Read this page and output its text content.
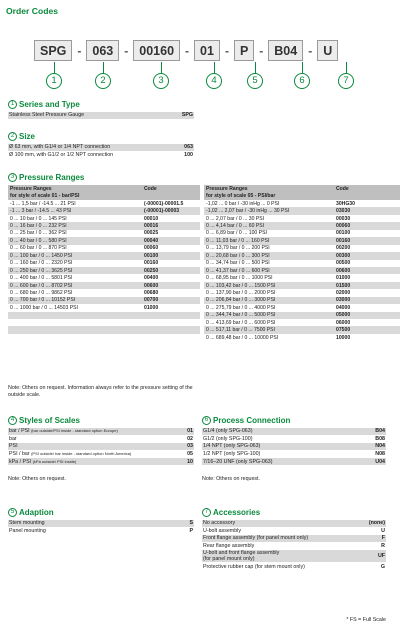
Order Codes
SPG - 063 - 00160 - 01 - P - B04 - U
1	2	3	4	5	6	7
1 Series and Type
Stainless Steel Pressure Gauge	SPG
2 Size
Ø 63 mm, with G1/4 or 1/4 NPT connection	063
Ø 100 mm, with G1/2 or 1/2 NPT connection	100
3 Pressure Ranges
Pressure Ranges	Code		Pressure Ranges	Code
for style of scale 01 - bar/PSI			for style of scale 05 - PSI/bar	
-1 ... 1,5 bar / -14.5 ... 21 PSI	(-00001)-00001.5		-1,02 ... 0 bar / -30 inHg ... 0 PSI	30HG30
-1 ... 3 bar / -14.5 ... 43 PSI	(-00001)-00003		-1,02 ... 2,07 bar / -30 inHg ... 30 PSI	03030
0 ... 10 bar / 0 ... 145 PSI	00010		0 ... 2,07 bar / 0 ... 30 PSI	00030
0 ... 16 bar / 0 ... 232 PSI	00016		0 ... 4,14 bar / 0 ... 60 PSI	00060
0 ... 25 bar / 0 ... 362 PSI	00025		0 ... 6,89 bar / 0 ... 100 PSI	00100
0 ... 40 bar / 0 ... 580 PSI	00040		0 ... 11,03 bar / 0 ... 160 PSI	00160
0 ... 60 bar / 0 ... 870 PSI	00060		0 ... 13,79 bar / 0 ... 200 PSI	00200
0 ... 100 bar / 0 ... 1450 PSI	00100		0 ... 20,68 bar / 0 ... 300 PSI	00300
0 ... 160 bar / 0 ... 2320 PSI	00160		0 ... 34,74 bar / 0 ... 500 PSI	00500
0 ... 250 bar / 0 ... 3625 PSI	00250		0 ... 41,37 bar / 0 ... 600 PSI	00600
0 ... 400 bar / 0 ... 5801 PSI	00400		0 ... 68,95 bar / 0 ... 1000 PSI	01000
0 ... 600 bar / 0 ... 8702 PSI	00600		0 ... 103,42 bar / 0 ... 1500 PSI	01500
0 ... 680 bar / 0 ... 9862 PSI	00680		0 ... 137,90 bar / 0 ... 2000 PSI	02000
0 ... 700 bar / 0 ... 10152 PSI	00700		0 ... 206,84 bar / 0 ... 3000 PSI	03000
0 ... 1000 bar / 0 ... 14503 PSI	01000		0 ... 275,79 bar / 0 ... 4000 PSI	04000
			0 ... 344,74 bar / 0 ... 5000 PSI	05000
			0 ... 413,69 bar / 0 ... 6000 PSI	06000
			0 ... 517,11 bar / 0 ... 7500 PSI	07500
			0 ... 689,48 bar / 0 ... 10000 PSI	10000
Note: Others on request. Information always refer to the pressure setting of the outside scale.
4 Styles of Scales
bar / PSI (bar outside/PSI inside - standard option Europe)	01
bar	02
PSI	03
PSI / bar (PSI outside/ bar inside - standard option North America)	05
kPa / PSI (kPa outside/ PSI inside)	10
Note: Others on request.
5 Adaption
Stem mounting	S
Panel mounting	P
6 Process Connection
G1/4 (only SPG-063)	B04
G1/2 (only SPG-100)	B08
1/4 NPT (only SPG-063)	N04
1/2 NPT (only SPG-100)	N08
7/16–20 UNF (only SPG-063)	U04
Note: Others on request.
7 Accessories
No accessory	(none)
U-bolt assembly	U
Front flange assembly (for panel mount only)	F
Rear flange assembly	R
U-bolt and front flange assembly
(for panel mount only)	UF
Protective rubber cap (for stem mount only)	G
* FS = Full Scale
